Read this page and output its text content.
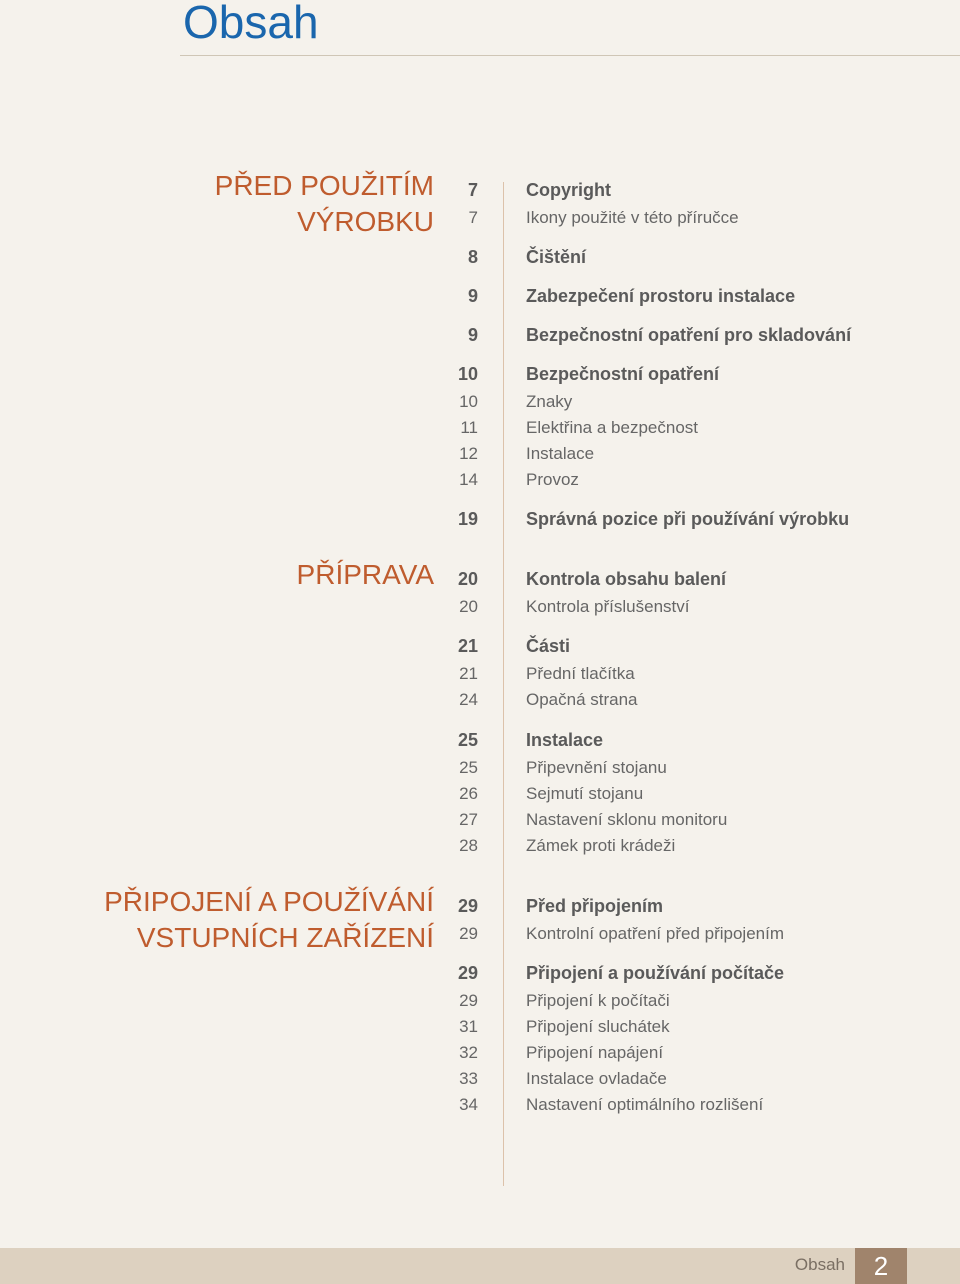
Obsah
PŘED POUŽITÍM
VÝROBKU
7	Copyright
7	Ikony použité v této příručce
8	Čištění
9	Zabezpečení prostoru instalace
9	Bezpečnostní opatření pro skladování
10	Bezpečnostní opatření
10	Znaky
11	Elektřina a bezpečnost
12	Instalace
14	Provoz
19	Správná pozice při používání výrobku
PŘÍPRAVA	20	Kontrola obsahu balení
20	Kontrola příslušenství
21	Části
21	Přední tlačítka
24	Opačná strana
25	Instalace
25	Připevnění stojanu
26	Sejmutí stojanu
27	Nastavení sklonu monitoru
28	Zámek proti krádeži
PŘIPOJENÍ A POUŽÍVÁNÍ
VSTUPNÍCH ZAŘÍZENÍ
29	Před připojením
29	Kontrolní opatření před připojením
29	Připojení a používání počítače
29	Připojení k počítači
31	Připojení sluchátek
32	Připojení napájení
33	Instalace ovladače
34	Nastavení optimálního rozlišení
Obsah	2
